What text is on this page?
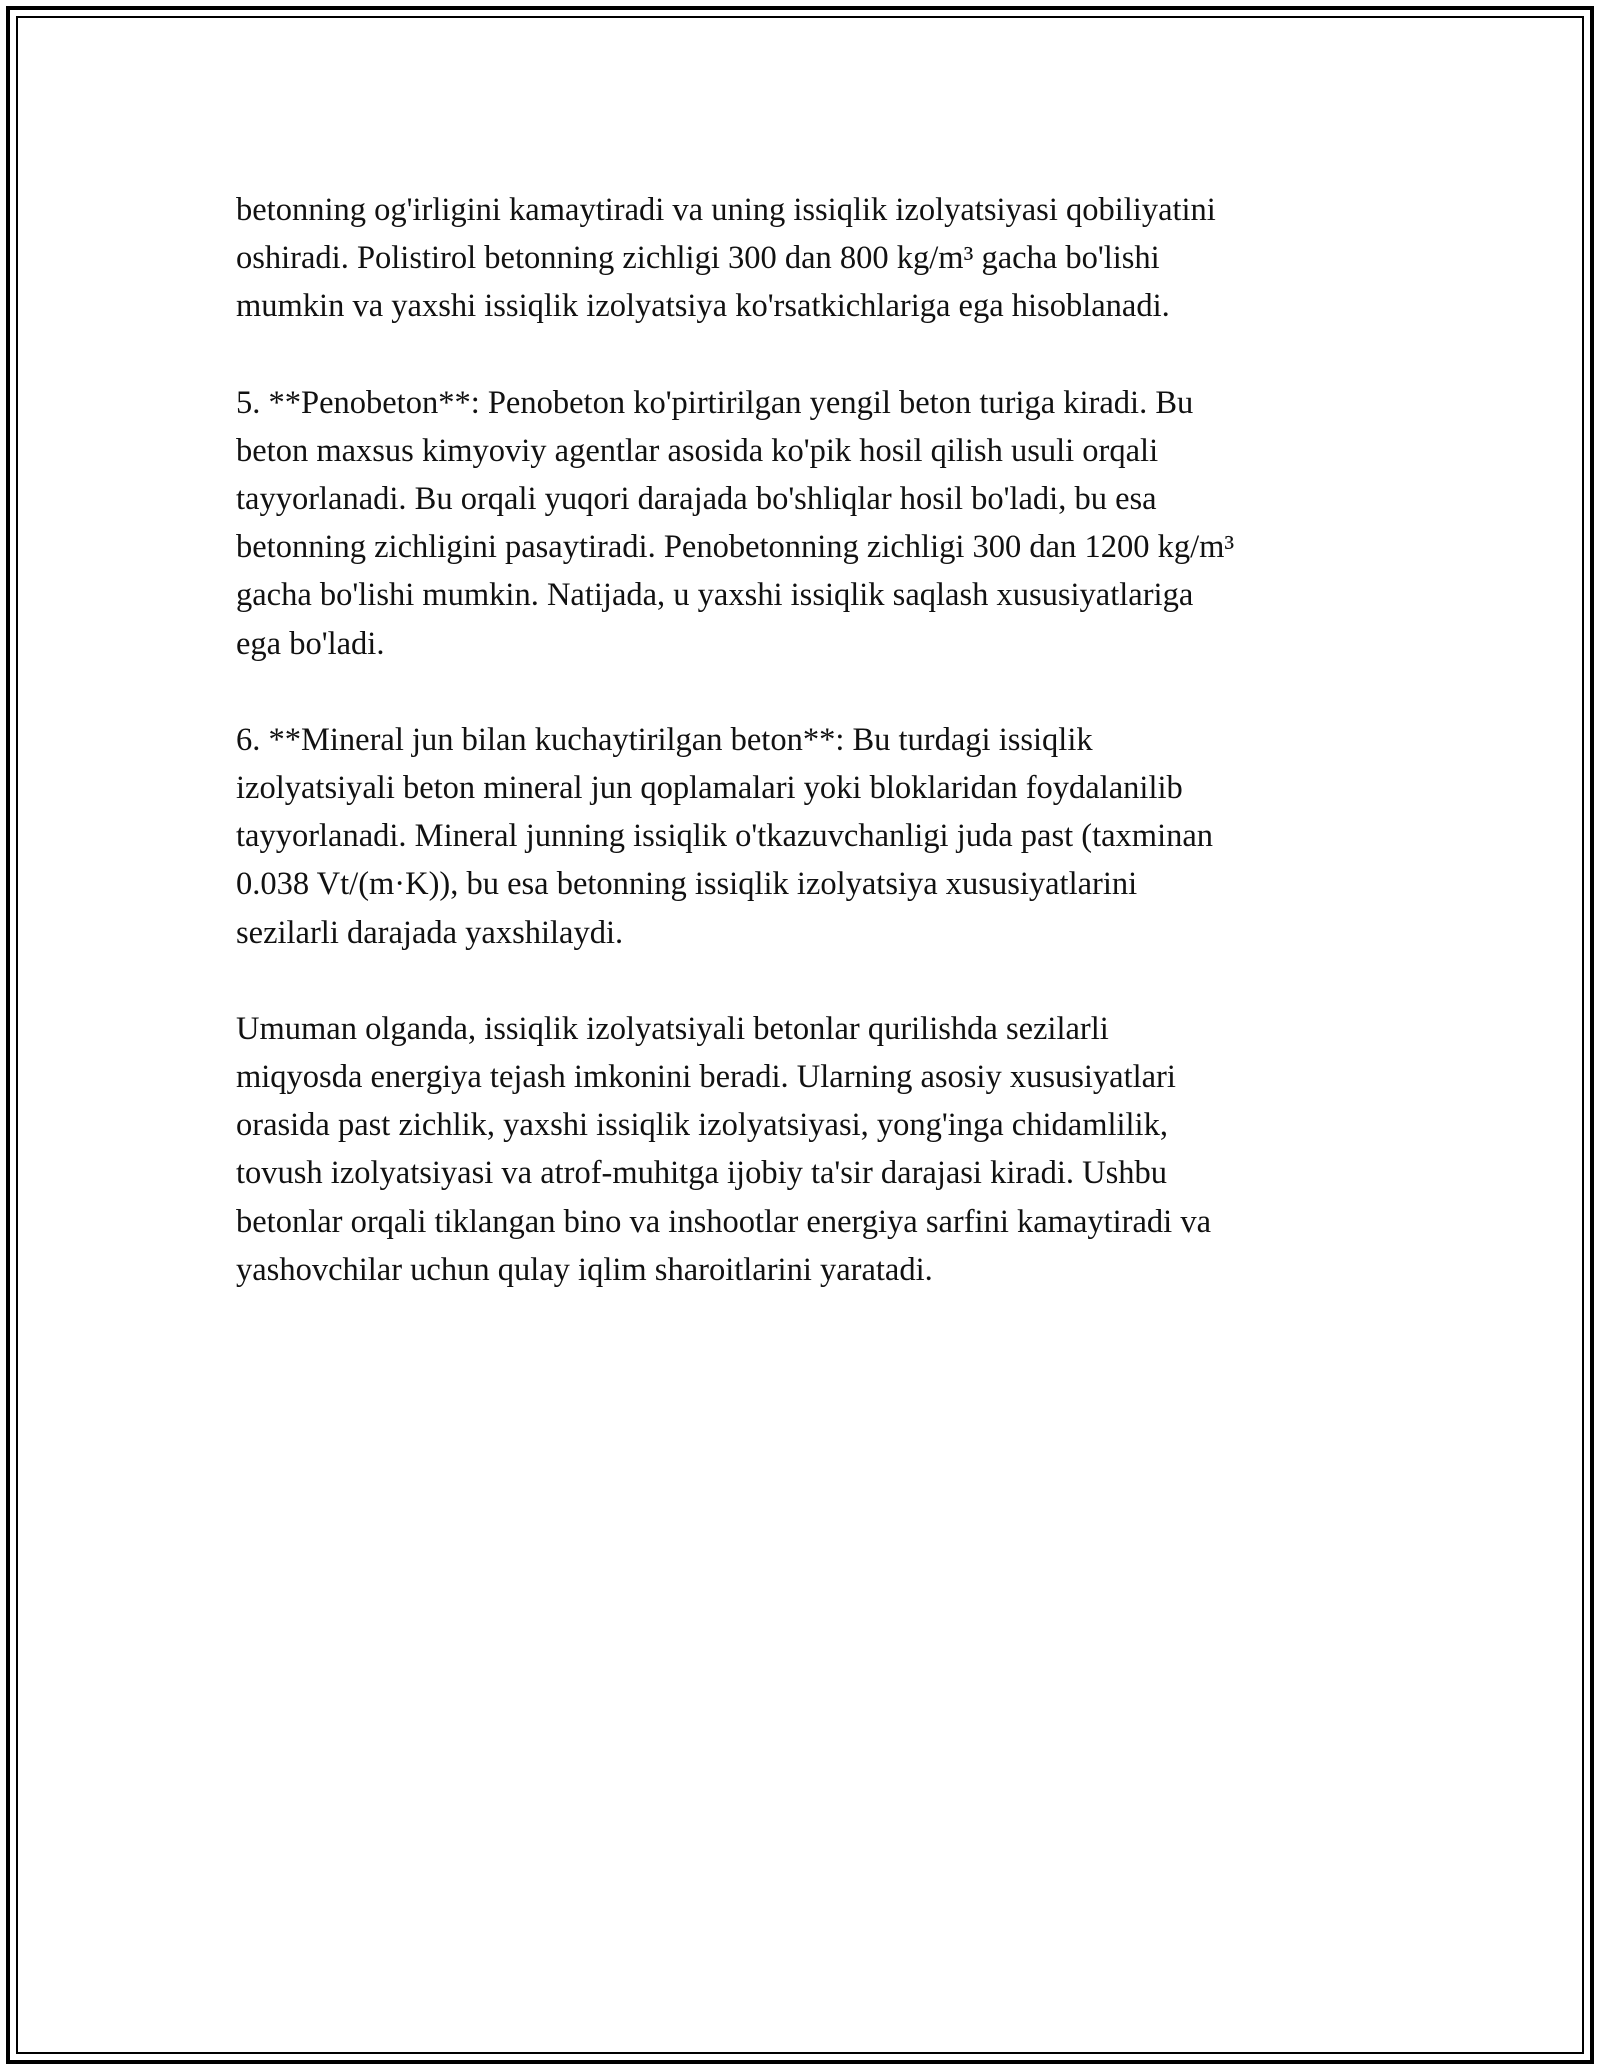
betonning og'irligini kamaytiradi va uning issiqlik izolyatsiyasi qobiliyatini
oshiradi. Polistirol betonning zichligi 300 dan 800 kg/m³ gacha bo'lishi
mumkin va yaxshi issiqlik izolyatsiya ko'rsatkichlariga ega hisoblanadi.

5. **Penobeton**: Penobeton ko'pirtirilgan yengil beton turiga kiradi. Bu
beton maxsus kimyoviy agentlar asosida ko'pik hosil qilish usuli orqali
tayyorlanadi. Bu orqali yuqori darajada bo'shliqlar hosil bo'ladi, bu esa
betonning zichligini pasaytiradi. Penobetonning zichligi 300 dan 1200 kg/m³
gacha bo'lishi mumkin. Natijada, u yaxshi issiqlik saqlash xususiyatlariga
ega bo'ladi.

6. **Mineral jun bilan kuchaytirilgan beton**: Bu turdagi issiqlik
izolyatsiyali beton mineral jun qoplamalari yoki bloklaridan foydalanilib
tayyorlanadi. Mineral junning issiqlik o'tkazuvchanligi juda past (taxminan
0.038 Vt/(m·K)), bu esa betonning issiqlik izolyatsiya xususiyatlarini
sezilarli darajada yaxshilaydi.

Umuman olganda, issiqlik izolyatsiyali betonlar qurilishda sezilarli
miqyosda energiya tejash imkonini beradi. Ularning asosiy xususiyatlari
orasida past zichlik, yaxshi issiqlik izolyatsiyasi, yong'inga chidamlilik,
tovush izolyatsiyasi va atrof-muhitga ijobiy ta'sir darajasi kiradi. Ushbu
betonlar orqali tiklangan bino va inshootlar energiya sarfini kamaytiradi va
yashovchilar uchun qulay iqlim sharoitlarini yaratadi.
